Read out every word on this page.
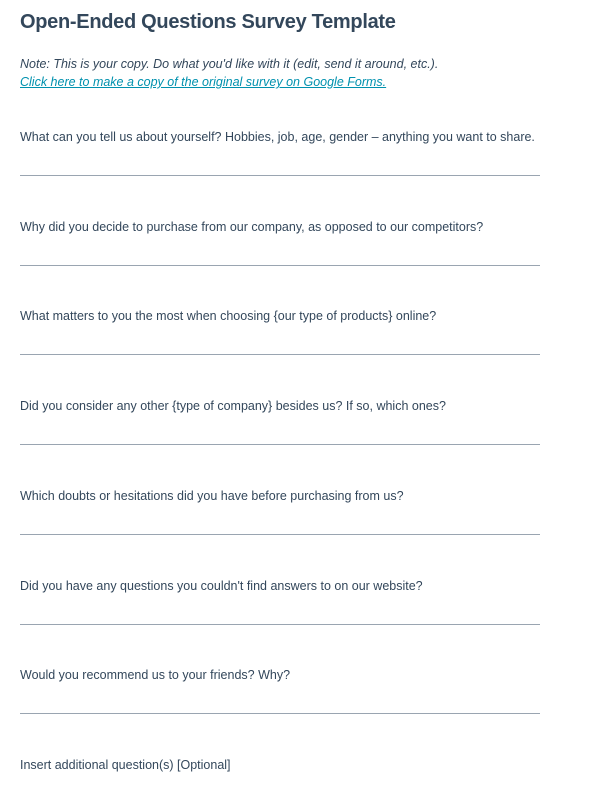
Open-Ended Questions Survey Template
Note: This is your copy. Do what you'd like with it (edit, send it around, etc.).
Click here to make a copy of the original survey on Google Forms.
What can you tell us about yourself? Hobbies, job, age, gender – anything you want to share.
Why did you decide to purchase from our company, as opposed to our competitors?
What matters to you the most when choosing {our type of products} online?
Did you consider any other {type of company} besides us? If so, which ones?
Which doubts or hesitations did you have before purchasing from us?
Did you have any questions you couldn't find answers to on our website?
Would you recommend us to your friends? Why?
Insert additional question(s) [Optional]
